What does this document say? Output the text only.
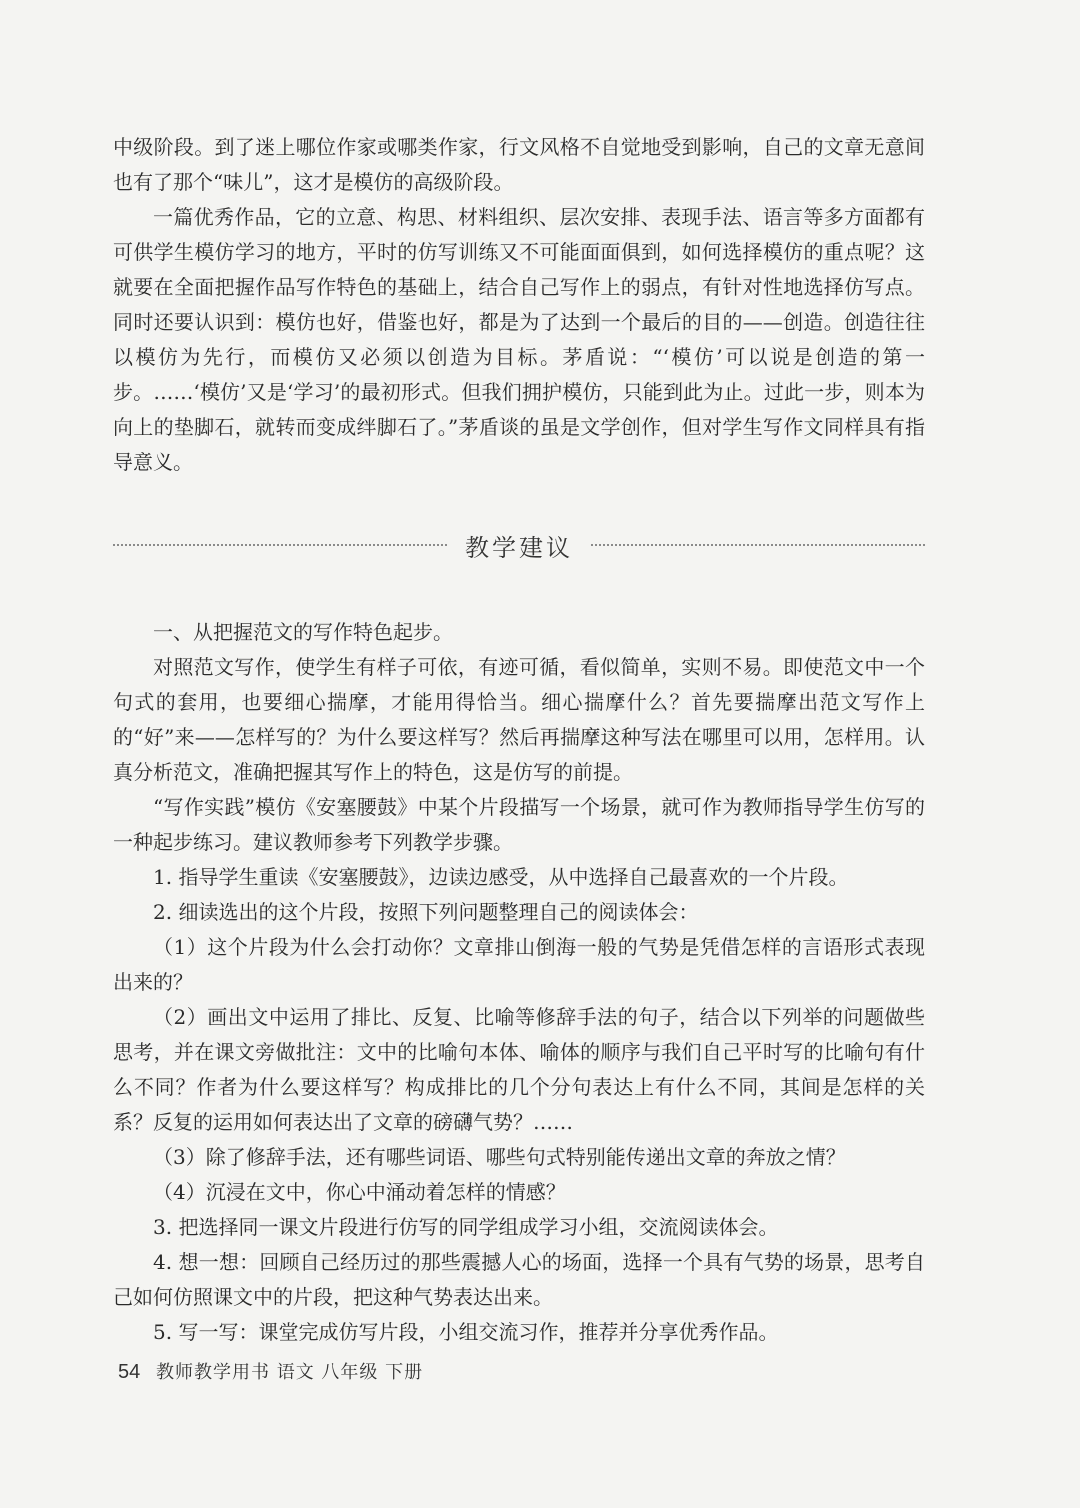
中级阶段。到了迷上哪位作家或哪类作家，行文风格不自觉地受到影响，自己的文章无意间也有了那个“味儿”，这才是模仿的高级阶段。

一篇优秀作品，它的立意、构思、材料组织、层次安排、表现手法、语言等多方面都有可供学生模仿学习的地方，平时的仿写训练又不可能面面俱到，如何选择模仿的重点呢？这就要在全面把握作品写作特色的基础上，结合自己写作上的弱点，有针对性地选择仿写点。同时还要认识到：模仿也好，借鉴也好，都是为了达到一个最后的目的——创造。创造往往以模仿为先行，而模仿又必须以创造为目标。茅盾说：“‘模仿’可以说是创造的第一步。……‘模仿’又是‘学习’的最初形式。但我们拥护模仿，只能到此为止。过此一步，则本为向上的垫脚石，就转而变成绊脚石了。”茅盾谈的虽是文学创作，但对学生写作文同样具有指导意义。

教学建议

一、从把握范文的写作特色起步。

对照范文写作，使学生有样子可依，有迹可循，看似简单，实则不易。即使范文中一个句式的套用，也要细心揣摩，才能用得恰当。细心揣摩什么？首先要揣摩出范文写作上的“好”来——怎样写的？为什么要这样写？然后再揣摩这种写法在哪里可以用，怎样用。认真分析范文，准确把握其写作上的特色，这是仿写的前提。

“写作实践”模仿《安塞腰鼓》中某个片段描写一个场景，就可作为教师指导学生仿写的一种起步练习。建议教师参考下列教学步骤。

1. 指导学生重读《安塞腰鼓》，边读边感受，从中选择自己最喜欢的一个片段。

2. 细读选出的这个片段，按照下列问题整理自己的阅读体会：

（1）这个片段为什么会打动你？文章排山倒海一般的气势是凭借怎样的言语形式表现出来的？

（2）画出文中运用了排比、反复、比喻等修辞手法的句子，结合以下列举的问题做些思考，并在课文旁做批注：文中的比喻句本体、喻体的顺序与我们自己平时写的比喻句有什么不同？作者为什么要这样写？构成排比的几个分句表达上有什么不同，其间是怎样的关系？反复的运用如何表达出了文章的磅礴气势？……

（3）除了修辞手法，还有哪些词语、哪些句式特别能传递出文章的奔放之情？

（4）沉浸在文中，你心中涌动着怎样的情感？

3. 把选择同一课文片段进行仿写的同学组成学习小组，交流阅读体会。

4. 想一想：回顾自己经历过的那些震撼人心的场面，选择一个具有气势的场景，思考自己如何仿照课文中的片段，把这种气势表达出来。

5. 写一写：课堂完成仿写片段，小组交流习作，推荐并分享优秀作品。

54 教师教学用书 语文 八年级 下册
